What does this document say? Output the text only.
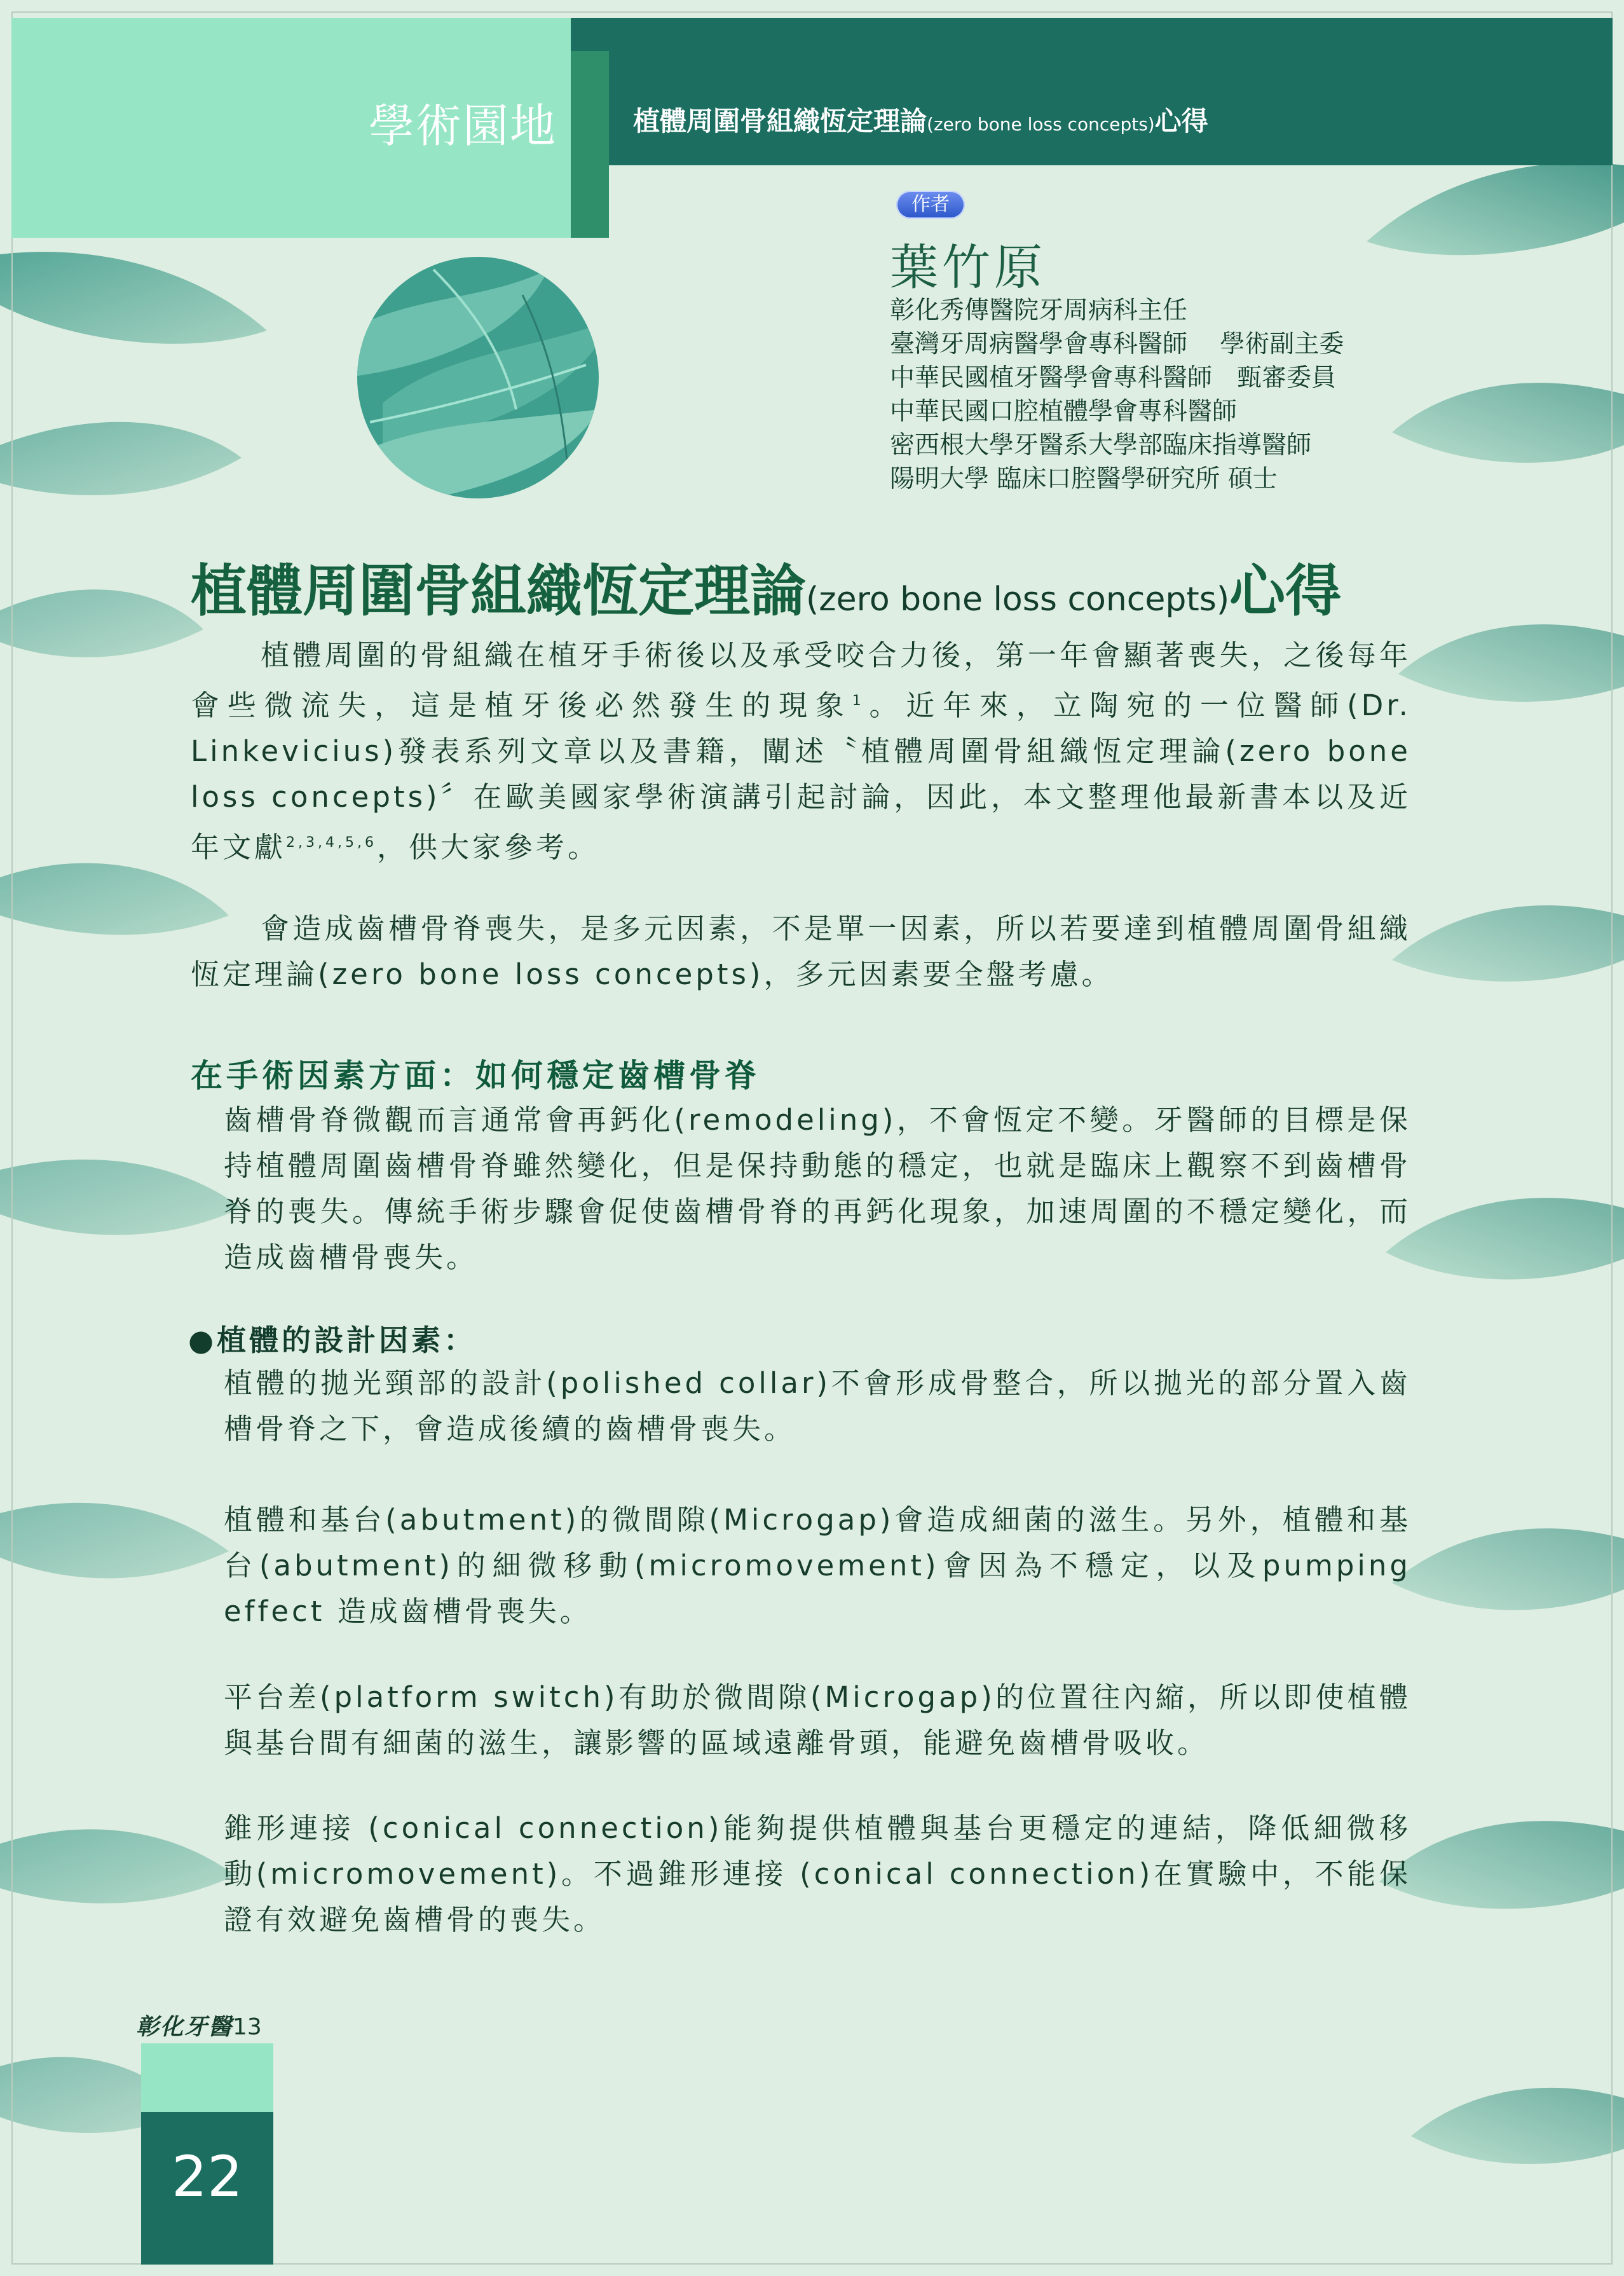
學術園地	植體周圍骨組織恆定理論(zero bone loss concepts)心得
作者
葉竹原
彰化秀傳醫院牙周病科主任
臺灣牙周病醫學會專科醫師　 學術副主委
中華民國植牙醫學會專科醫師　甄審委員
中華民國口腔植體學會專科醫師
密西根大學牙醫系大學部臨床指導醫師
陽明大學 臨床口腔醫學研究所 碩士
植體周圍骨組織恆定理論(zero bone loss concepts)心得
植體周圍的骨組織在植牙手術後以及承受咬合力後，第一年會顯著喪失，之後每年會些微流失，這是植牙後必然發生的現象$^1$。近年來，立陶宛的一位醫師(Dr. Linkevicius)發表系列文章以及書籍，闡述〝植體周圍骨組織恆定理論(zero bone loss concepts)〞在歐美國家學術演講引起討論，因此，本文整理他最新書本以及近年文獻$^{2,3,4,5,6}$，供大家參考。
會造成齒槽骨脊喪失，是多元因素，不是單一因素，所以若要達到植體周圍骨組織恆定理論(zero bone loss concepts)，多元因素要全盤考慮。
在手術因素方面：如何穩定齒槽骨脊
齒槽骨脊微觀而言通常會再鈣化(remodeling)，不會恆定不變。牙醫師的目標是保持植體周圍齒槽骨脊雖然變化，但是保持動態的穩定，也就是臨床上觀察不到齒槽骨脊的喪失。傳統手術步驟會促使齒槽骨脊的再鈣化現象，加速周圍的不穩定變化，而造成齒槽骨喪失。
●植體的設計因素：
植體的拋光頸部的設計(polished collar)不會形成骨整合，所以拋光的部分置入齒槽骨脊之下，會造成後續的齒槽骨喪失。
植體和基台(abutment)的微間隙(Microgap)會造成細菌的滋生。另外，植體和基台(abutment)的細微移動(micromovement)會因為不穩定，以及pumping effect 造成齒槽骨喪失。
平台差(platform switch)有助於微間隙(Microgap)的位置往內縮，所以即使植體與基台間有細菌的滋生，讓影響的區域遠離骨頭，能避免齒槽骨吸收。
錐形連接 (conical connection)能夠提供植體與基台更穩定的連結，降低細微移動(micromovement)。不過錐形連接 (conical connection)在實驗中，不能保證有效避免齒槽骨的喪失。
彰化牙醫13
22
